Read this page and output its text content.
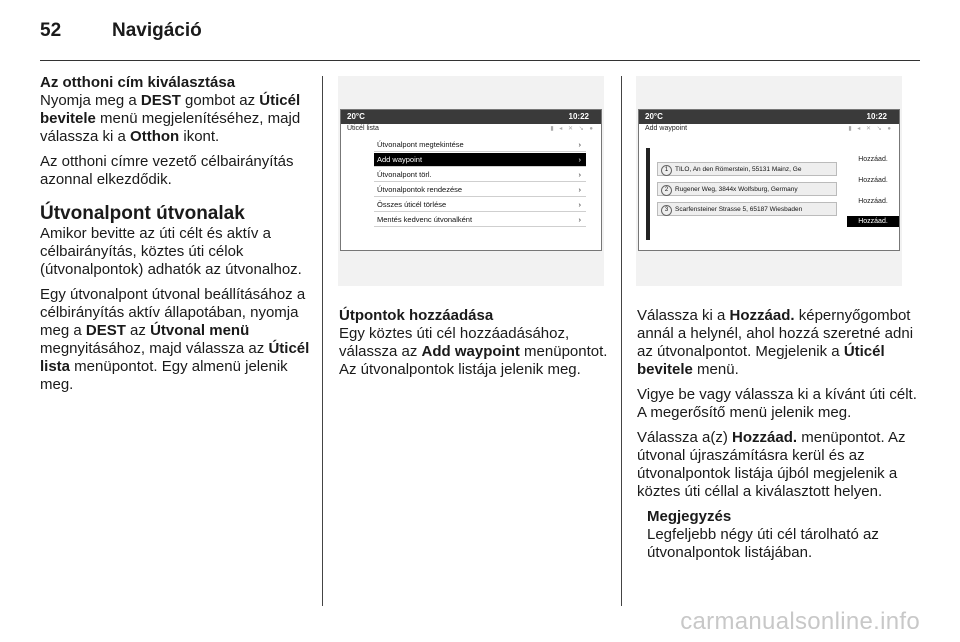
52	Navigáció

Az otthoni cím kiválasztása

Nyomja meg a DEST gombot az Úticél bevitele menü megjelenítéséhez, majd válassza ki a Otthon ikont.

Az otthoni címre vezető célbairányítás azonnal elkezdődik.

Útvonalpont útvonalak

Amikor bevitte az úti célt és aktív a célbairányítás, köztes úti célok (útvonalpontok) adhatók az útvonalhoz.

Egy útvonalpont útvonal beállításához a célbirányítás aktív állapotában, nyomja meg a DEST az Útvonal menü megnyitásához, majd válassza az Úticél lista menüpontot. Egy almenü jelenik meg.

20°C	10:22
Úticél lista	▮ ◂ ✕ ↘ ●
Útvonalpont megtekintése	›
Add waypoint	›
Útvonalpont törl.	›
Útvonalpontok rendezése	›
Összes úticél törlése	›
Mentés kedvenc útvonalként	›

Útpontok hozzáadása

Egy köztes úti cél hozzáadásához, válassza az Add waypoint menüpontot. Az útvonalpontok listája jelenik meg.

20°C	10:22
Add waypoint	▮ ◂ ✕ ↘ ●
1 TILO, An den Römerstein, 55131 Mainz, Ge
2 Rugener Weg, 3844x Wolfsburg, Germany
3 Scarfensteiner Strasse 5, 65187 Wiesbaden
Hozzáad.
Hozzáad.
Hozzáad.
Hozzáad.

Válassza ki a Hozzáad. képernyőgombot annál a helynél, ahol hozzá szeretné adni az útvonalpontot. Megjelenik a Úticél bevitele menü.

Vigye be vagy válassza ki a kívánt úti célt. A megerősítő menü jelenik meg.

Válassza a(z) Hozzáad. menüpontot. Az útvonal újraszámításra kerül és az útvonalpontok listája újból megjelenik a köztes úti céllal a kiválasztott helyen.

Megjegyzés
Legfeljebb négy úti cél tárolható az útvonalpontok listájában.
carmanualsonline.info
